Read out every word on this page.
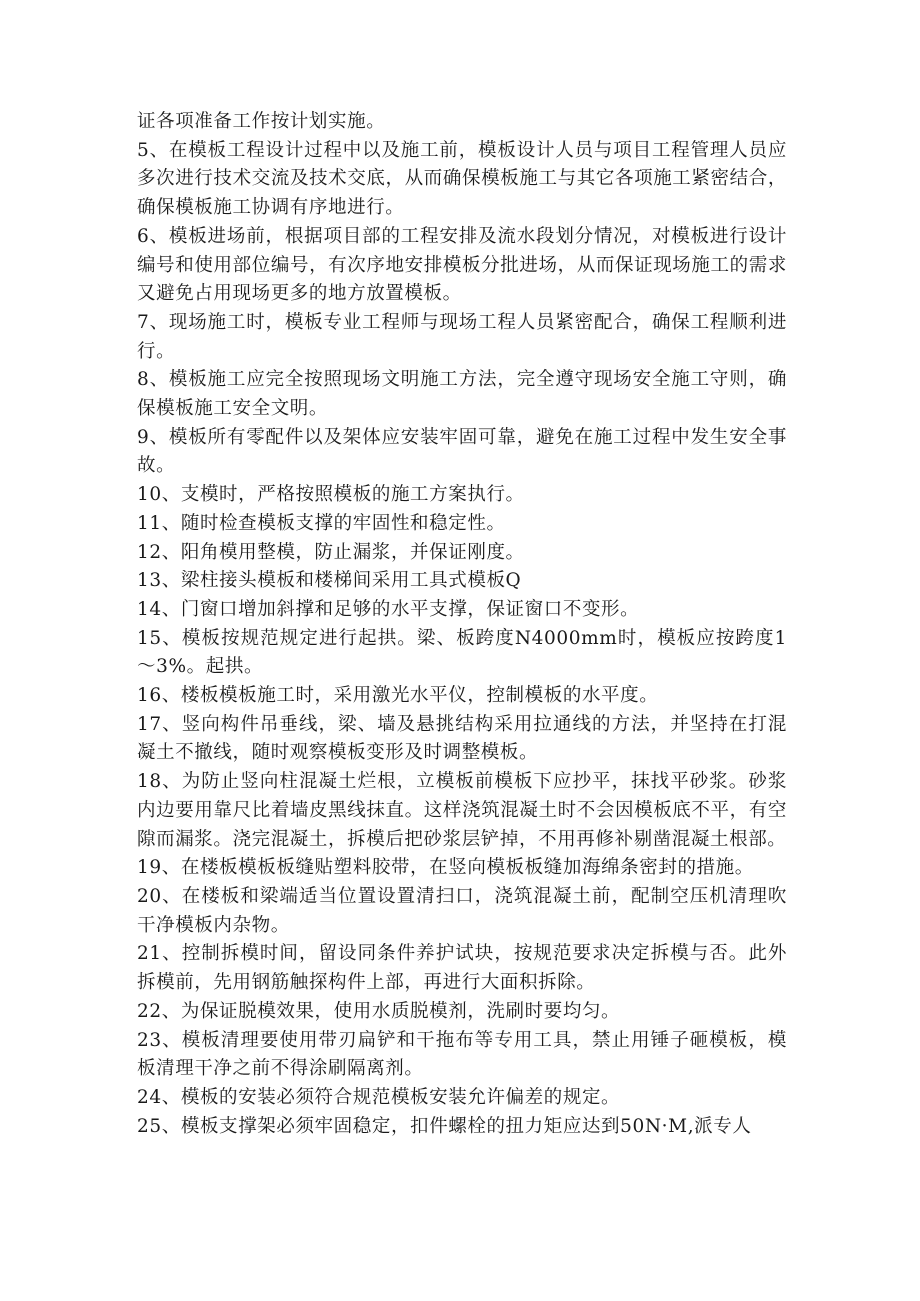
证各项准备工作按计划实施。

5、在模板工程设计过程中以及施工前，模板设计人员与项目工程管理人员应多次进行技术交流及技术交底，从而确保模板施工与其它各项施工紧密结合，确保模板施工协调有序地进行。

6、模板进场前，根据项目部的工程安排及流水段划分情况，对模板进行设计编号和使用部位编号，有次序地安排模板分批进场，从而保证现场施工的需求又避免占用现场更多的地方放置模板。

7、现场施工时，模板专业工程师与现场工程人员紧密配合，确保工程顺利进行。

8、模板施工应完全按照现场文明施工方法，完全遵守现场安全施工守则，确保模板施工安全文明。

9、模板所有零配件以及架体应安装牢固可靠，避免在施工过程中发生安全事故。

10、支模时，严格按照模板的施工方案执行。

11、随时检查模板支撑的牢固性和稳定性。

12、阳角模用整模，防止漏浆，并保证刚度。

13、梁柱接头模板和楼梯间采用工具式模板Q

14、门窗口增加斜撑和足够的水平支撑，保证窗口不变形。

15、模板按规范规定进行起拱。梁、板跨度N4000mm时，模板应按跨度1～3%。起拱。

16、楼板模板施工时，采用激光水平仪，控制模板的水平度。

17、竖向构件吊垂线，梁、墙及悬挑结构采用拉通线的方法，并坚持在打混凝土不撤线，随时观察模板变形及时调整模板。

18、为防止竖向柱混凝土烂根，立模板前模板下应抄平，抹找平砂浆。砂浆内边要用靠尺比着墙皮黑线抹直。这样浇筑混凝土时不会因模板底不平，有空隙而漏浆。浇完混凝土，拆模后把砂浆层铲掉，不用再修补剔凿混凝土根部。

19、在楼板模板板缝贴塑料胶带，在竖向模板板缝加海绵条密封的措施。

20、在楼板和梁端适当位置设置清扫口，浇筑混凝土前，配制空压机清理吹干净模板内杂物。

21、控制拆模时间，留设同条件养护试块，按规范要求决定拆模与否。此外拆模前，先用钢筋触探构件上部，再进行大面积拆除。

22、为保证脱模效果，使用水质脱模剂，洗刷时要均匀。

23、模板清理要使用带刃扁铲和干拖布等专用工具，禁止用锤子砸模板，模板清理干净之前不得涂刷隔离剂。

24、模板的安装必须符合规范模板安装允许偏差的规定。

25、模板支撑架必须牢固稳定，扣件螺栓的扭力矩应达到50N·M,派专人
